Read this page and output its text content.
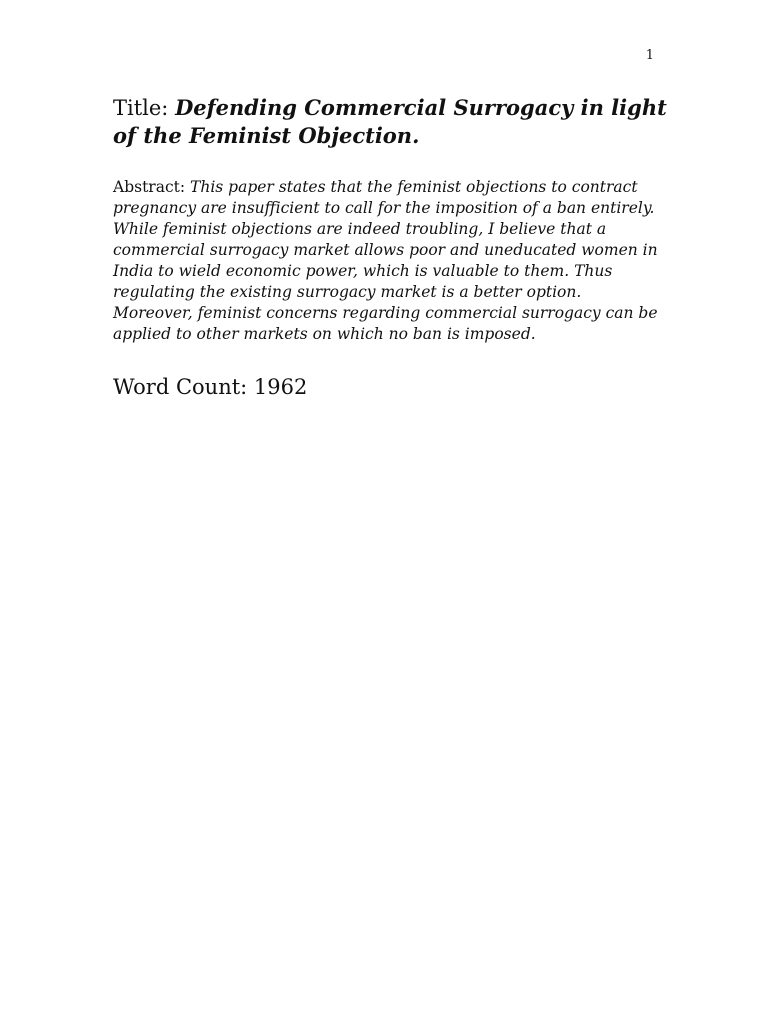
1
Title: Defending Commercial Surrogacy in light of the Feminist Objection.

Abstract: This paper states that the feminist objections to contract pregnancy are insufficient to call for the imposition of a ban entirely. While feminist objections are indeed troubling, I believe that a commercial surrogacy market allows poor and uneducated women in India to wield economic power, which is valuable to them. Thus regulating the existing surrogacy market is a better option. Moreover, feminist concerns regarding commercial surrogacy can be applied to other markets on which no ban is imposed.

Word Count: 1962
